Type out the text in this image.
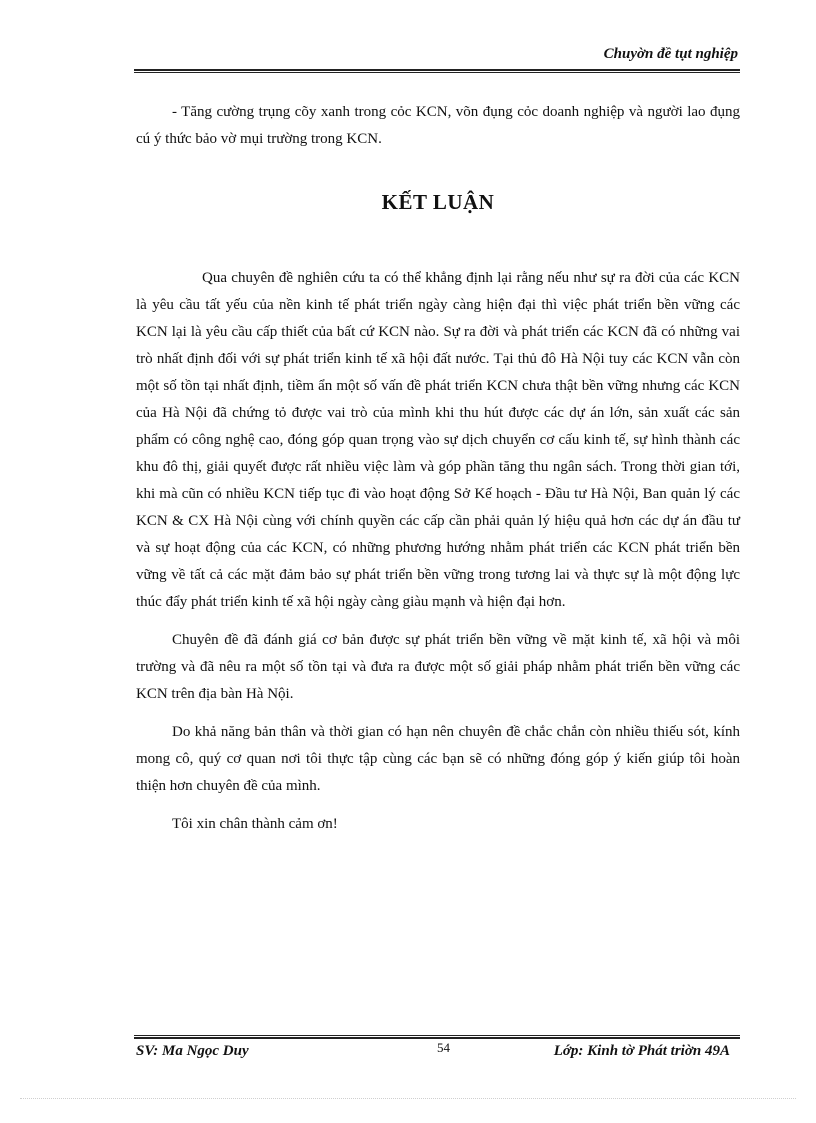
Chuyờn đề tụt nghiệp
- Tăng cường trụng cõy xanh trong cỏc KCN, võn đụng cỏc doanh nghiệp và người lao đụng cú ý thức bảo vờ mụi trường trong KCN.
KẾT LUẬN

Qua chuyên đề nghiên cứu ta có thể khẳng định lại rằng nếu như sự ra đời của các KCN là yêu cầu tất yếu của nền kinh tế phát triển ngày càng hiện đại thì việc phát triển bền vững các KCN lại là yêu cầu cấp thiết của bất cứ KCN nào. Sự ra đời và phát triển các KCN đã có những vai trò nhất định đối với sự phát triển kinh tế xã hội đất nước. Tại thủ đô Hà Nội tuy các KCN vẫn còn một số tồn tại nhất định, tiềm ẩn một số vấn đề phát triển KCN chưa thật bền vững nhưng các KCN của Hà Nội đã chứng tỏ được vai trò của mình khi thu hút được các dự án lớn, sản xuất các sản phẩm có công nghệ cao, đóng góp quan trọng vào sự dịch chuyển cơ cấu kinh tế, sự hình thành các khu đô thị, giải quyết được rất nhiều việc làm và góp phần tăng thu ngân sách. Trong thời gian tới, khi mà cũn có nhiều KCN tiếp tục đi vào hoạt động Sở Kế hoạch - Đầu tư Hà Nội, Ban quản lý các KCN & CX Hà Nội cùng với chính quyền các cấp cần phải quản lý hiệu quả hơn các dự án đầu tư và sự hoạt động của các KCN, có những phương hướng nhằm phát triển các KCN phát triển bền vững về tất cả các mặt đảm bảo sự phát triển bền vững trong tương lai và thực sự là một động lực thúc đẩy phát triển kinh tế xã hội ngày càng giàu mạnh và hiện đại hơn.

Chuyên đề đã đánh giá cơ bản được sự phát triển bền vững về mặt kinh tế, xã hội và môi trường và đã nêu ra một số tồn tại và đưa ra được một số giải pháp nhằm phát triển bền vững các KCN trên địa bàn Hà Nội.

Do khả năng bản thân và thời gian có hạn nên chuyên đề chắc chắn còn nhiều thiếu sót, kính mong cô, quý cơ quan nơi tôi thực tập cùng các bạn sẽ có những đóng góp ý kiến giúp tôi hoàn thiện hơn chuyên đề của mình.

Tôi xin chân thành cảm ơn!

SV: Ma Ngọc Duy	54	Lớp: Kinh tờ Phát triờn 49A
